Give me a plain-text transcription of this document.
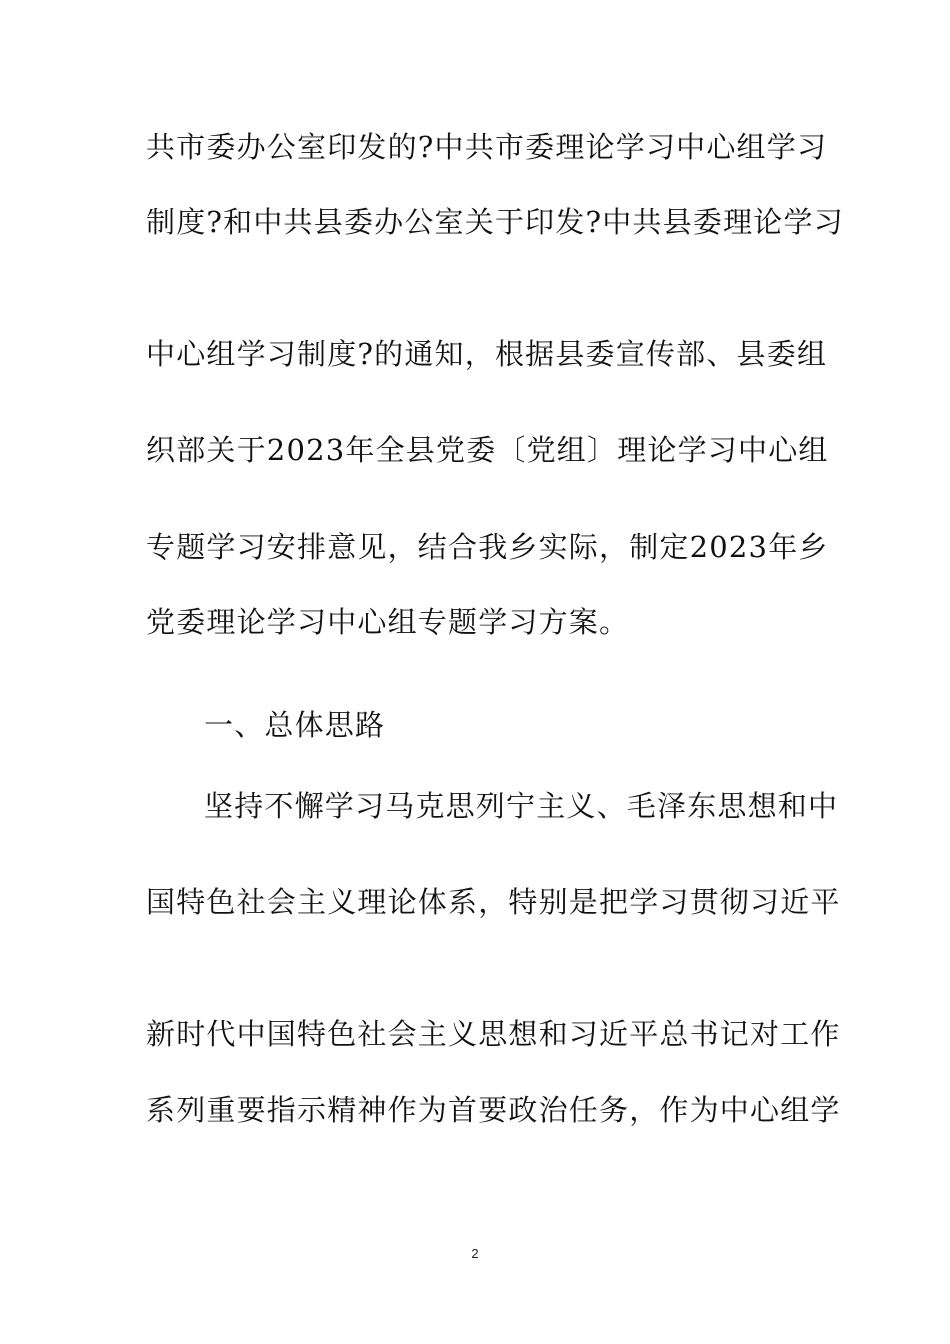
共市委办公室印发的?中共市委理论学习中心组学习
制度?和中共县委办公室关于印发?中共县委理论学习
中心组学习制度?的通知，根据县委宣传部、县委组
织部关于2023年全县党委〔党组〕理论学习中心组
专题学习安排意见，结合我乡实际，制定2023年乡
党委理论学习中心组专题学习方案。
一、总体思路
坚持不懈学习马克思列宁主义、毛泽东思想和中
国特色社会主义理论体系，特别是把学习贯彻习近平
新时代中国特色社会主义思想和习近平总书记对工作
系列重要指示精神作为首要政治任务，作为中心组学
2
